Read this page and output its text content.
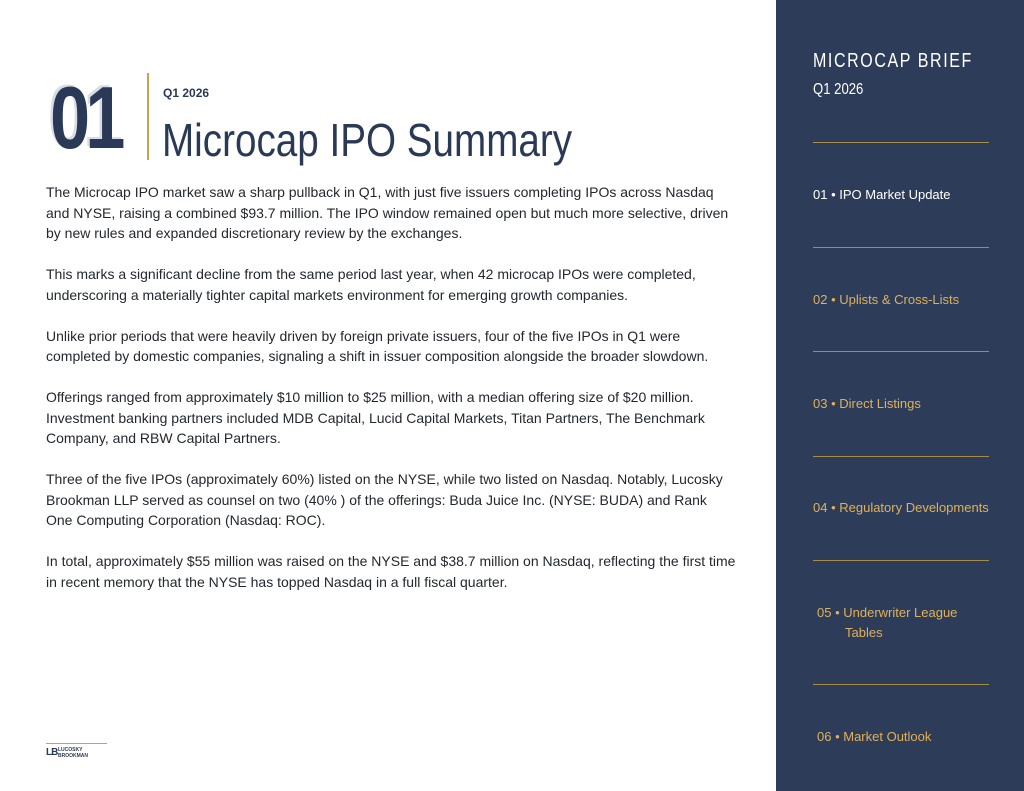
01	Q1 2026
Microcap IPO Summary

The Microcap IPO market saw a sharp pullback in Q1, with just five issuers completing IPOs across Nasdaq and NYSE, raising a combined $93.7 million. The IPO window remained open but much more selective, driven by new rules and expanded discretionary review by the exchanges.

This marks a significant decline from the same period last year, when 42 microcap IPOs were completed, underscoring a materially tighter capital markets environment for emerging growth companies.

Unlike prior periods that were heavily driven by foreign private issuers, four of the five IPOs in Q1 were completed by domestic companies, signaling a shift in issuer composition alongside the broader slowdown.

Offerings ranged from approximately $10 million to $25 million, with a median offering size of $20 million. Investment banking partners included MDB Capital, Lucid Capital Markets, Titan Partners, The Benchmark Company, and RBW Capital Partners.

Three of the five IPOs (approximately 60%) listed on the NYSE, while two listed on Nasdaq. Notably, Lucosky Brookman LLP served as counsel on two (40% ) of the offerings: Buda Juice Inc. (NYSE: BUDA) and Rank One Computing Corporation (Nasdaq: ROC).

In total, approximately $55 million was raised on the NYSE and $38.7 million on Nasdaq, reflecting the first time in recent memory that the NYSE has topped Nasdaq in a full fiscal quarter.

LB LUCOSKY
BROOKMAN
MICROCAP BRIEF
Q1 2026
01 • IPO Market Update
02 • Uplists & Cross-Lists
03 • Direct Listings
04 • Regulatory Developments
05 • Underwriter League
Tables
06 • Market Outlook
